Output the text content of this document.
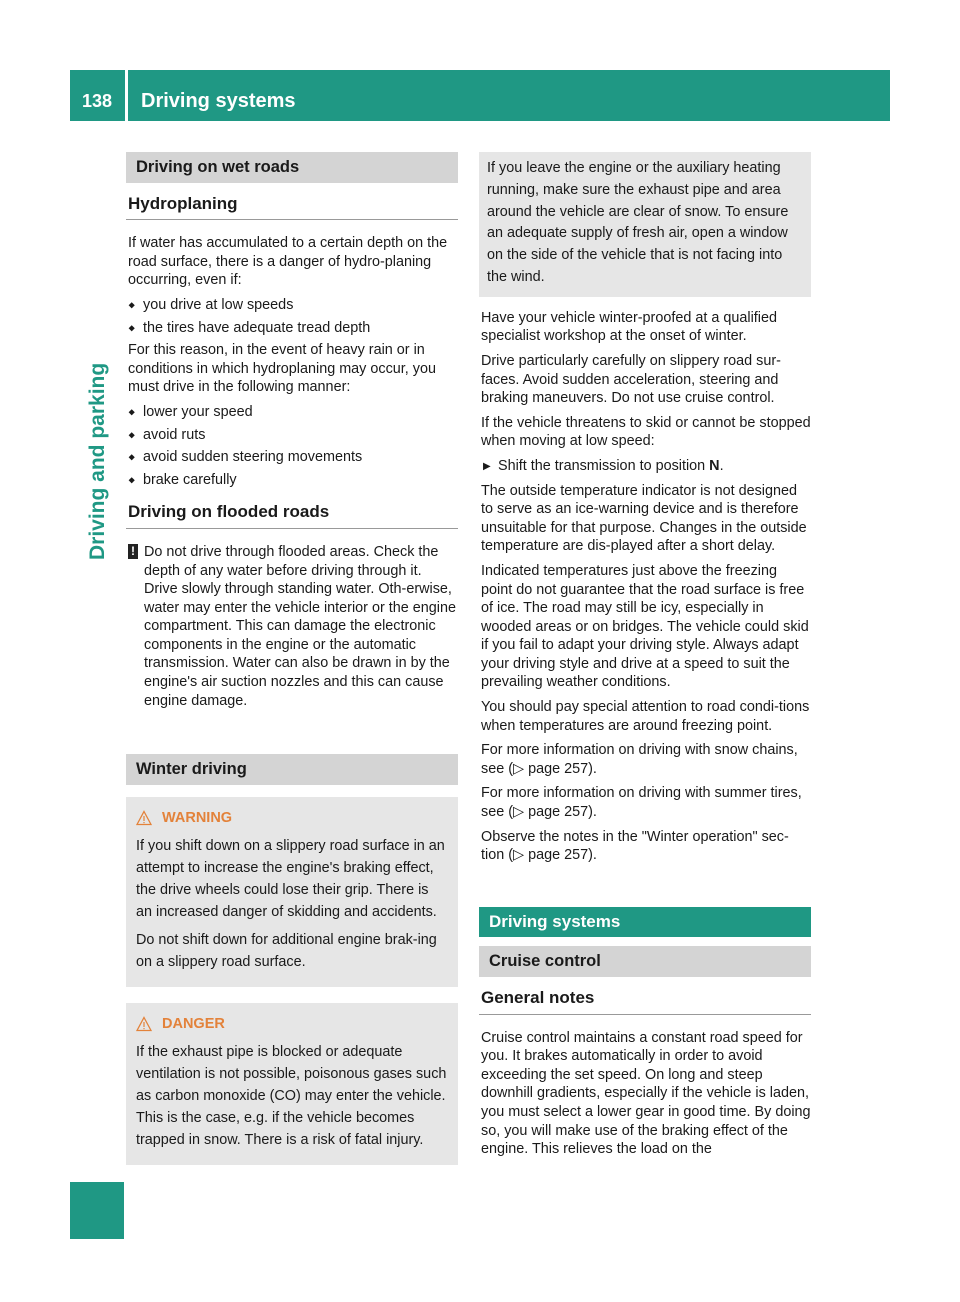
138	Driving systems
Driving and parking
Driving on wet roads
Hydroplaning

If water has accumulated to a certain depth on the road surface, there is a danger of hydro-planing occurring, even if:

■ you drive at low speeds
■ the tires have adequate tread depth

For this reason, in the event of heavy rain or in conditions in which hydroplaning may occur, you must drive in the following manner:

■ lower your speed
■ avoid ruts
■ avoid sudden steering movements
■ brake carefully
Driving on flooded roads
! Do not drive through flooded areas. Check the depth of any water before driving through it. Drive slowly through standing water. Oth-erwise, water may enter the vehicle interior or the engine compartment. This can damage the electronic components in the engine or the automatic transmission. Water can also be drawn in by the engine's air suction nozzles and this can cause engine damage.
Winter driving
WARNING

If you shift down on a slippery road surface in an attempt to increase the engine's braking effect, the drive wheels could lose their grip. There is an increased danger of skidding and accidents.

Do not shift down for additional engine brak-ing on a slippery road surface.

DANGER

If the exhaust pipe is blocked or adequate ventilation is not possible, poisonous gases such as carbon monoxide (CO) may enter the vehicle. This is the case, e.g. if the vehicle becomes trapped in snow. There is a risk of fatal injury.

If you leave the engine or the auxiliary heating running, make sure the exhaust pipe and area around the vehicle are clear of snow. To ensure an adequate supply of fresh air, open a window on the side of the vehicle that is not facing into the wind.

Have your vehicle winter-proofed at a qualified specialist workshop at the onset of winter.

Drive particularly carefully on slippery road sur-faces. Avoid sudden acceleration, steering and braking maneuvers. Do not use cruise control.

If the vehicle threatens to skid or cannot be stopped when moving at low speed:

▶ Shift the transmission to position N.

The outside temperature indicator is not designed to serve as an ice-warning device and is therefore unsuitable for that purpose. Changes in the outside temperature are dis-played after a short delay.

Indicated temperatures just above the freezing point do not guarantee that the road surface is free of ice. The road may still be icy, especially in wooded areas or on bridges. The vehicle could skid if you fail to adapt your driving style. Always adapt your driving style and drive at a speed to suit the prevailing weather conditions.

You should pay special attention to road condi-tions when temperatures are around freezing point.

For more information on driving with snow chains, see (▷ page 257).

For more information on driving with summer tires, see (▷ page 257).

Observe the notes in the "Winter operation" sec-tion (▷ page 257).

Driving systems
Cruise control
General notes

Cruise control maintains a constant road speed for you. It brakes automatically in order to avoid exceeding the set speed. On long and steep downhill gradients, especially if the vehicle is laden, you must select a lower gear in good time. By doing so, you will make use of the braking effect of the engine. This relieves the load on the
